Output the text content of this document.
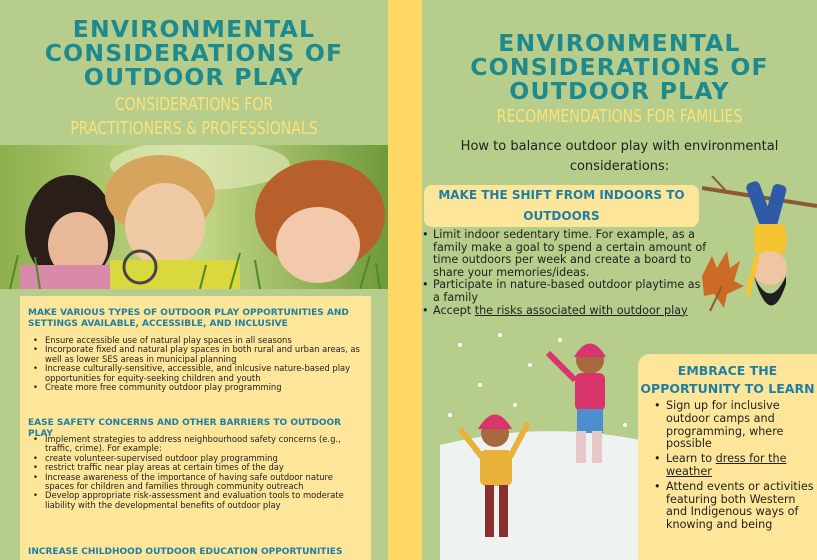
ENVIRONMENTAL
CONSIDERATIONS OF
OUTDOOR PLAY
CONSIDERATIONS FOR
PRACTITIONERS & PROFESSIONALS
MAKE VARIOUS TYPES OF OUTDOOR PLAY OPPORTUNITIES AND SETTINGS AVAILABLE, ACCESSIBLE, AND INCLUSIVE
• Ensure accessible use of natural play spaces in all seasons
• Incorporate fixed and natural play spaces in both rural and urban areas, as well as lower SES areas in municipal planning
• Increase culturally-sensitive, accessible, and inlcusive nature-based play opportunities for equity-seeking children and youth
• Create more free community outdoor play programming
EASE SAFETY CONCERNS AND OTHER BARRIERS TO OUTDOOR PLAY
• Implement strategies to address neighbourhood safety concerns (e.g., traffic, crime). For example:
• create volunteer-supervised outdoor play programming
• restrict traffic near play areas at certain times of the day
• Increase awareness of the importance of having safe outdoor nature spaces for children and families through community outreach
• Develop appropriate risk-assessment and evaluation tools to moderate liability with the developmental benefits of outdoor play
INCREASE CHILDHOOD OUTDOOR EDUCATION OPPORTUNITIES
ENVIRONMENTAL
CONSIDERATIONS OF
OUTDOOR PLAY
RECOMMENDATIONS FOR FAMILIES
How to balance outdoor play with environmental considerations:
MAKE THE SHIFT FROM INDOORS TO OUTDOORS
• Limit indoor sedentary time. For example, as a family make a goal to spend a certain amount of time outdoors per week and create a board to share your memories/ideas.
• Participate in nature-based outdoor playtime as a family
• Accept the risks associated with outdoor play
EMBRACE THE OPPORTUNITY TO LEARN
• Sign up for inclusive outdoor camps and programming, where possible
• Learn to dress for the weather
• Attend events or activities featuring both Western and Indigenous ways of knowing and being
